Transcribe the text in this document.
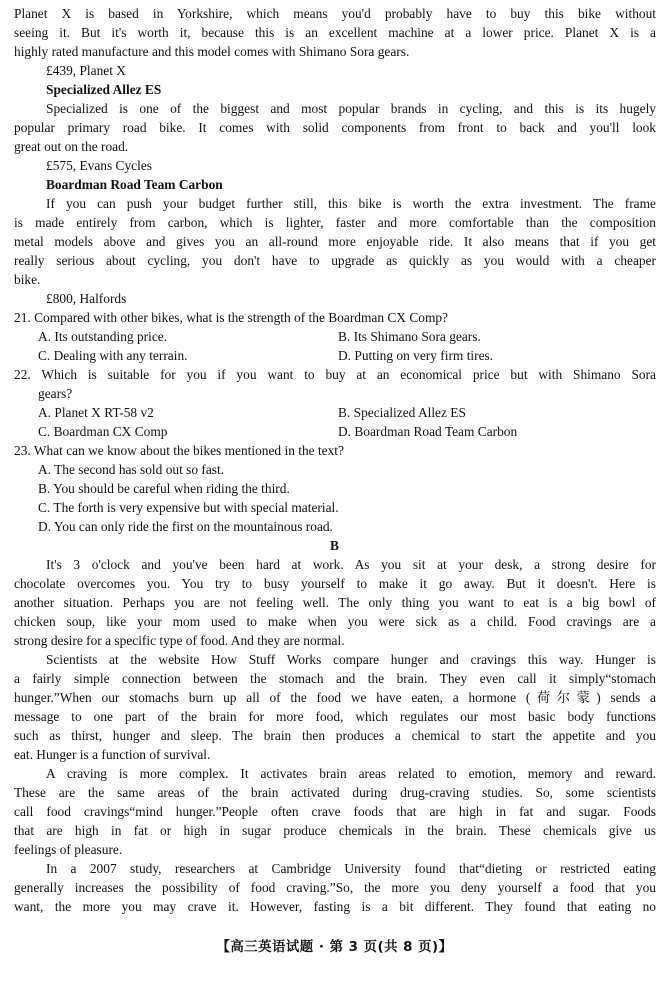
Planet X is based in Yorkshire, which means you'd probably have to buy this bike without
seeing it. But it's worth it, because this is an excellent machine at a lower price. Planet X is a
highly rated manufacture and this model comes with Shimano Sora gears.
£439, Planet X
Specialized Allez ES
Specialized is one of the biggest and most popular brands in cycling, and this is its hugely
popular primary road bike. It comes with solid components from front to back and you'll look
great out on the road.
£575, Evans Cycles
Boardman Road Team Carbon
If you can push your budget further still, this bike is worth the extra investment. The frame
is made entirely from carbon, which is lighter, faster and more comfortable than the composition
metal models above and gives you an all-round more enjoyable ride. It also means that if you get
really serious about cycling, you don't have to upgrade as quickly as you would with a cheaper
bike.
£800, Halfords
21. Compared with other bikes, what is the strength of the Boardman CX Comp?
A. Its outstanding price.	B. Its Shimano Sora gears.
C. Dealing with any terrain.	D. Putting on very firm tires.
22. Which is suitable for you if you want to buy at an economical price but with Shimano Sora
gears?
A. Planet X RT-58 v2	B. Specialized Allez ES
C. Boardman CX Comp	D. Boardman Road Team Carbon
23. What can we know about the bikes mentioned in the text?
A. The second has sold out so fast.
B. You should be careful when riding the third.
C. The forth is very expensive but with special material.
D. You can only ride the first on the mountainous road.
B
It's 3 o'clock and you've been hard at work. As you sit at your desk, a strong desire for
chocolate overcomes you. You try to busy yourself to make it go away. But it doesn't. Here is
another situation. Perhaps you are not feeling well. The only thing you want to eat is a big bowl of
chicken soup, like your mom used to make when you were sick as a child. Food cravings are a
strong desire for a specific type of food. And they are normal.
Scientists at the website How Stuff Works compare hunger and cravings this way. Hunger is
a fairly simple connection between the stomach and the brain. They even call it simply“stomach
hunger.”When our stomachs burn up all of the food we have eaten, a hormone (荷尔蒙) sends a
message to one part of the brain for more food, which regulates our most basic body functions
such as thirst, hunger and sleep. The brain then produces a chemical to start the appetite and you
eat. Hunger is a function of survival.
A craving is more complex. It activates brain areas related to emotion, memory and reward.
These are the same areas of the brain activated during drug-craving studies. So, some scientists
call food cravings“mind hunger.”People often crave foods that are high in fat and sugar. Foods
that are high in fat or high in sugar produce chemicals in the brain. These chemicals give us
feelings of pleasure.
In a 2007 study, researchers at Cambridge University found that“dieting or restricted eating
generally increases the possibility of food craving.”So, the more you deny yourself a food that you
want, the more you may crave it. However, fasting is a bit different. They found that eating no
【高三英语试题 · 第 3 页(共 8 页)】
